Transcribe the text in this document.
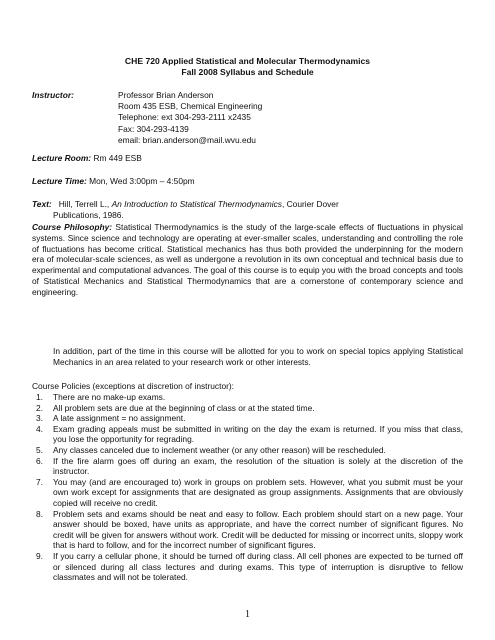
CHE 720 Applied Statistical and Molecular Thermodynamics
Fall 2008 Syllabus and Schedule
Instructor:	Professor Brian Anderson
Room 435 ESB, Chemical Engineering
Telephone: ext 304-293-2111 x2435
Fax: 304-293-4139
email: brian.anderson@mail.wvu.edu
Lecture Room: Rm 449 ESB
Lecture Time: Mon, Wed 3:00pm – 4:50pm
Text: Hill, Terrell L., An Introduction to Statistical Thermodynamics, Courier Dover
Publications, 1986.
Course Philosophy: Statistical Thermodynamics is the study of the large-scale effects of fluctuations in physical systems. Since science and technology are operating at ever-smaller scales, understanding and controlling the role of fluctuations has become critical. Statistical mechanics has thus both provided the underpinning for the modern era of molecular-scale sciences, as well as undergone a revolution in its own conceptual and technical basis due to experimental and computational advances. The goal of this course is to equip you with the broad concepts and tools of Statistical Mechanics and Statistical Thermodynamics that are a cornerstone of contemporary science and engineering.
In addition, part of the time in this course will be allotted for you to work on special topics applying Statistical Mechanics in an area related to your research work or other interests.
Course Policies (exceptions at discretion of instructor):
1. There are no make-up exams.
2. All problem sets are due at the beginning of class or at the stated time.
3. A late assignment = no assignment.
4. Exam grading appeals must be submitted in writing on the day the exam is returned. If you miss that class, you lose the opportunity for regrading.
5. Any classes canceled due to inclement weather (or any other reason) will be rescheduled.
6. If the fire alarm goes off during an exam, the resolution of the situation is solely at the discretion of the instructor.
7. You may (and are encouraged to) work in groups on problem sets. However, what you submit must be your own work except for assignments that are designated as group assignments. Assignments that are obviously copied will receive no credit.
8. Problem sets and exams should be neat and easy to follow. Each problem should start on a new page. Your answer should be boxed, have units as appropriate, and have the correct number of significant figures. No credit will be given for answers without work. Credit will be deducted for missing or incorrect units, sloppy work that is hard to follow, and for the incorrect number of significant figures.
9. If you carry a cellular phone, it should be turned off during class. All cell phones are expected to be turned off or silenced during all class lectures and during exams. This type of interruption is disruptive to fellow classmates and will not be tolerated.
1
